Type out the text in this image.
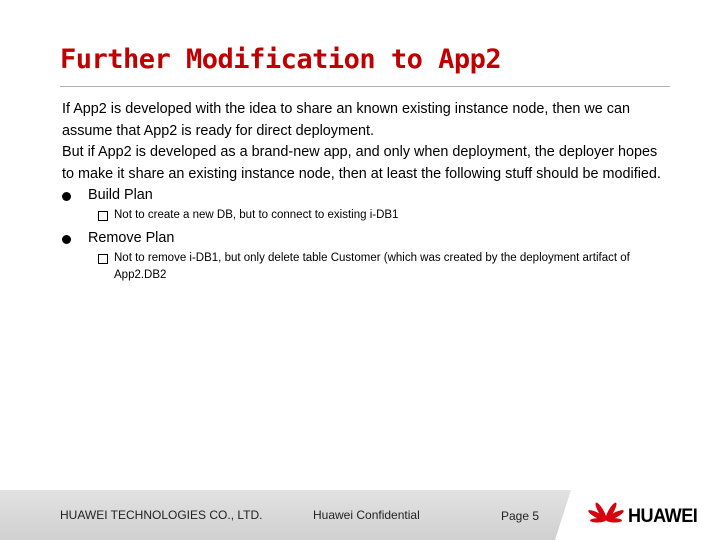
Further Modification to App2

If App2 is developed with the idea to share an known existing instance node, then we can assume that App2 is ready for direct deployment.

But if App2 is developed as a brand-new app, and only when deployment, the deployer hopes to make it share an existing instance node, then at least the following stuff should be modified.

Build Plan
Not to create a new DB, but to connect to existing i-DB1
Remove Plan
Not to remove i-DB1, but only delete table Customer (which was created by the deployment artifact of App2.DB2
HUAWEI TECHNOLOGIES CO., LTD.	Huawei Confidential	Page 5	HUAWEI
